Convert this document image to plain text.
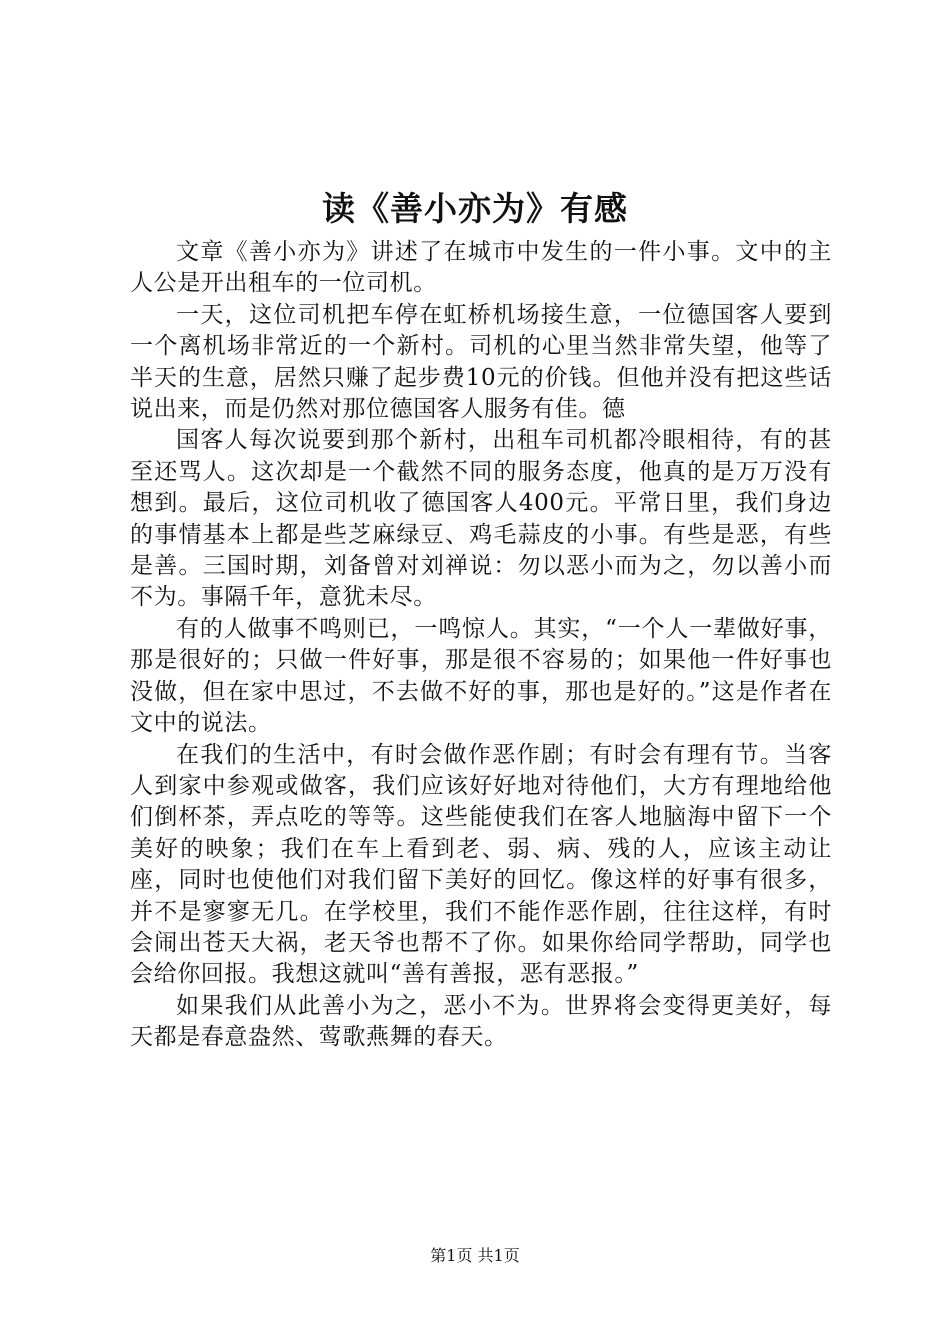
读《善小亦为》有感

文章《善小亦为》讲述了在城市中发生的一件小事。文中的主人公是开出租车的一位司机。

一天，这位司机把车停在虹桥机场接生意，一位德国客人要到一个离机场非常近的一个新村。司机的心里当然非常失望，他等了半天的生意，居然只赚了起步费10元的价钱。但他并没有把这些话说出来，而是仍然对那位德国客人服务有佳。德

国客人每次说要到那个新村，出租车司机都冷眼相待，有的甚至还骂人。这次却是一个截然不同的服务态度，他真的是万万没有想到。最后，这位司机收了德国客人400元。平常日里，我们身边的事情基本上都是些芝麻绿豆、鸡毛蒜皮的小事。有些是恶，有些是善。三国时期，刘备曾对刘禅说：勿以恶小而为之，勿以善小而不为。事隔千年，意犹未尽。

有的人做事不鸣则已，一鸣惊人。其实，“一个人一辈做好事，那是很好的；只做一件好事，那是很不容易的；如果他一件好事也没做，但在家中思过，不去做不好的事，那也是好的。”这是作者在文中的说法。

在我们的生活中，有时会做作恶作剧；有时会有理有节。当客人到家中参观或做客，我们应该好好地对待他们，大方有理地给他们倒杯茶，弄点吃的等等。这些能使我们在客人地脑海中留下一个美好的映象；我们在车上看到老、弱、病、残的人，应该主动让座，同时也使他们对我们留下美好的回忆。像这样的好事有很多，并不是寥寥无几。在学校里，我们不能作恶作剧，往往这样，有时会闹出苍天大祸，老天爷也帮不了你。如果你给同学帮助，同学也会给你回报。我想这就叫“善有善报，恶有恶报。”

如果我们从此善小为之，恶小不为。世界将会变得更美好，每天都是春意盎然、莺歌燕舞的春天。

第1页 共1页
